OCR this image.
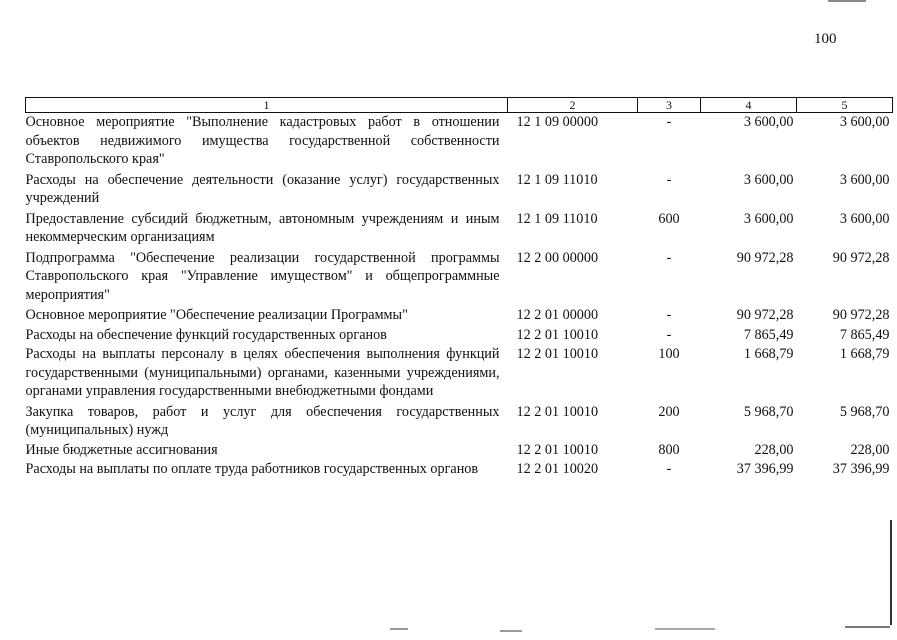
100
1	2	3	4	5
Основное мероприятие "Выполнение кадастровых работ в отношении объектов недвижимого имущества государственной собственности Ставропольского края"	12 1 09 00000	-	3 600,00	3 600,00
Расходы на обеспечение деятельности (оказание услуг) государственных учреждений	12 1 09 11010	-	3 600,00	3 600,00
Предоставление субсидий бюджетным, автономным учреждениям и иным некоммерческим организациям	12 1 09 11010	600	3 600,00	3 600,00
Подпрограмма "Обеспечение реализации государственной программы Ставропольского края "Управление имуществом" и общепрограммные мероприятия"	12 2 00 00000	-	90 972,28	90 972,28
Основное мероприятие "Обеспечение реализации Программы"	12 2 01 00000	-	90 972,28	90 972,28
Расходы на обеспечение функций государственных органов	12 2 01 10010	-	7 865,49	7 865,49
Расходы на выплаты персоналу в целях обеспечения выполнения функций государственными (муниципальными) органами, казенными учреждениями, органами управления государственными внебюджетными фондами	12 2 01 10010	100	1 668,79	1 668,79
Закупка товаров, работ и услуг для обеспечения государственных (муниципальных) нужд	12 2 01 10010	200	5 968,70	5 968,70
Иные бюджетные ассигнования	12 2 01 10010	800	228,00	228,00
Расходы на выплаты по оплате труда работников государственных органов	12 2 01 10020	-	37 396,99	37 396,99
